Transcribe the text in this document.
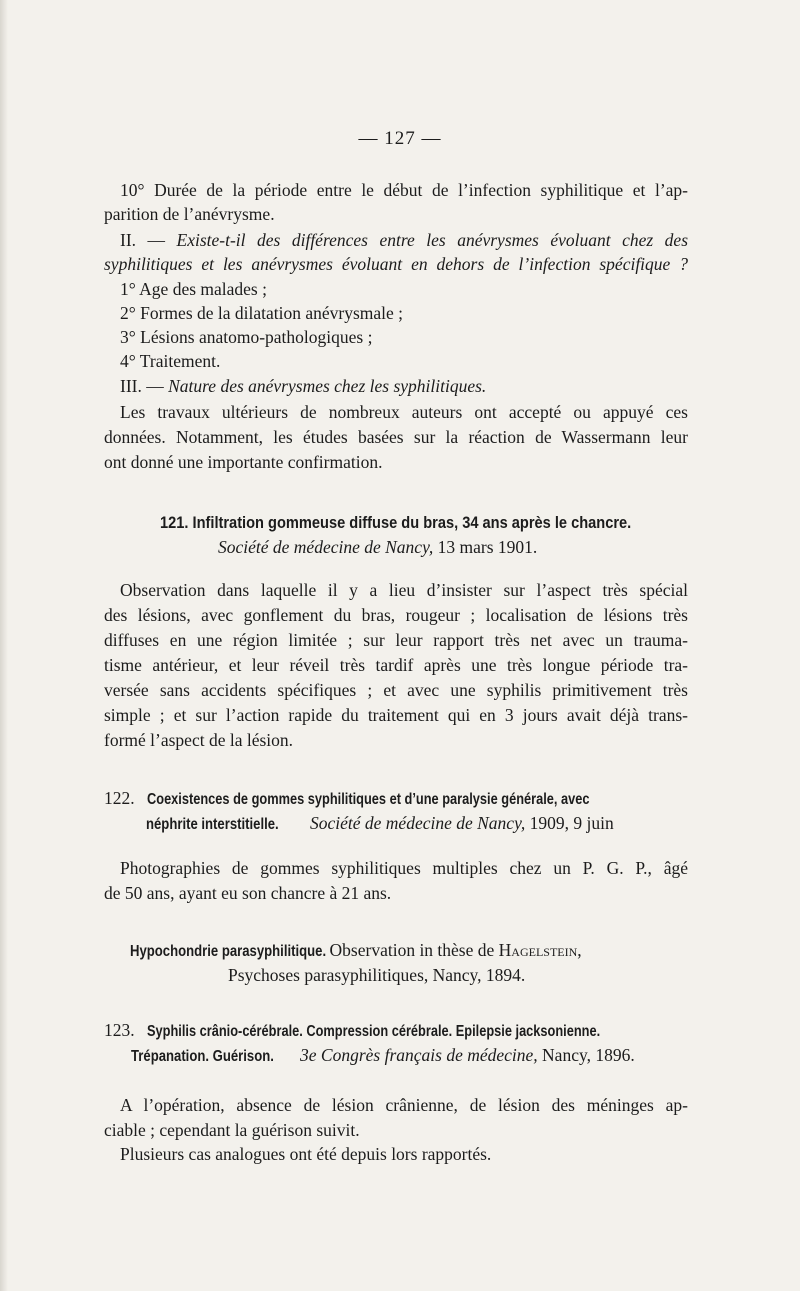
— 127 —
10° Durée de la période entre le début de l’infection syphilitique et l’ap-
parition de l’anévrysme.
II. — Existe-t-il des différences entre les anévrysmes évoluant chez des
syphilitiques et les anévrysmes évoluant en dehors de l’infection spécifique ?
1° Age des malades ;
2° Formes de la dilatation anévrysmale ;
3° Lésions anatomo-pathologiques ;
4° Traitement.
III. — Nature des anévrysmes chez les syphilitiques.
Les travaux ultérieurs de nombreux auteurs ont accepté ou appuyé ces
données. Notamment, les études basées sur la réaction de Wassermann leur
ont donné une importante confirmation.
121. Infiltration gommeuse diffuse du bras, 34 ans après le chancre.
Société de médecine de Nancy, 13 mars 1901.
Observation dans laquelle il y a lieu d’insister sur l’aspect très spécial
des lésions, avec gonflement du bras, rougeur ; localisation de lésions très
diffuses en une région limitée ; sur leur rapport très net avec un trauma-
tisme antérieur, et leur réveil très tardif après une très longue période tra-
versée sans accidents spécifiques ; et avec une syphilis primitivement très
simple ; et sur l’action rapide du traitement qui en 3 jours avait déjà trans-
formé l’aspect de la lésion.
122. Coexistences de gommes syphilitiques et d’une paralysie générale, avec
néphrite interstitielle.	Société de médecine de Nancy, 1909, 9 juin
Photographies de gommes syphilitiques multiples chez un P. G. P., âgé
de 50 ans, ayant eu son chancre à 21 ans.
Hypochondrie parasyphilitique. Observation in thèse de Hagelstein,
Psychoses parasyphilitiques, Nancy, 1894.
123. Syphilis crânio-cérébrale. Compression cérébrale. Epilepsie jacksonienne.
Trépanation. Guérison.	3e Congrès français de médecine, Nancy, 1896.
A l’opération, absence de lésion crânienne, de lésion des méninges ap-
ciable ; cependant la guérison suivit.
Plusieurs cas analogues ont été depuis lors rapportés.
